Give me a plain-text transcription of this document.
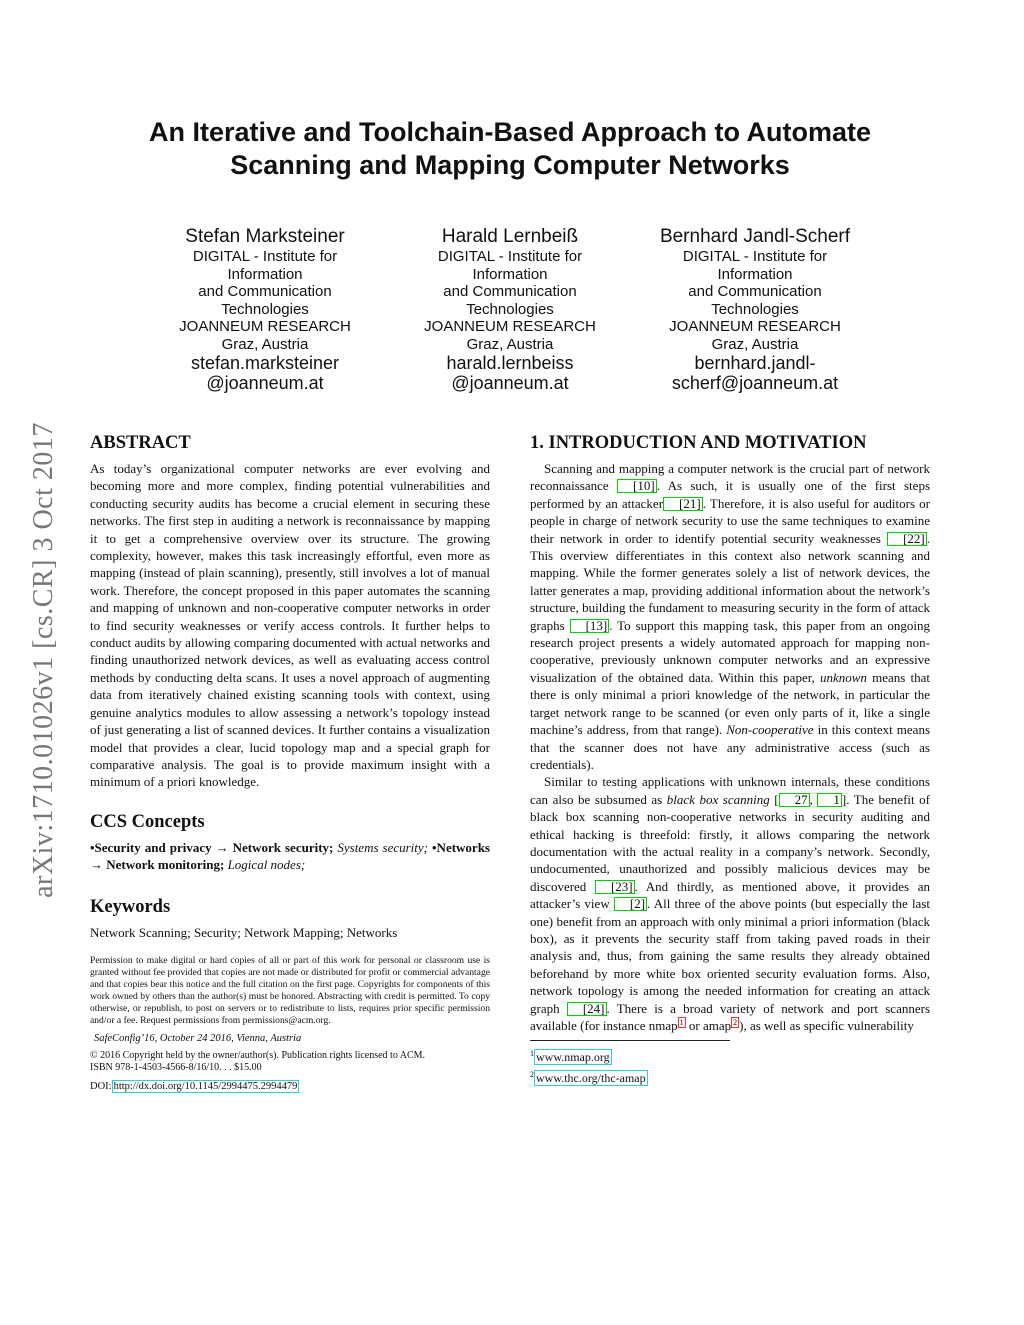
arXiv:1710.01026v1 [cs.CR] 3 Oct 2017
An Iterative and Toolchain-Based Approach to Automate
Scanning and Mapping Computer Networks
Stefan Marksteiner
DIGITAL - Institute for
Information
and Communication
Technologies
JOANNEUM RESEARCH
Graz, Austria
stefan.marksteiner
@joanneum.at
Harald Lernbeiß
DIGITAL - Institute for
Information
and Communication
Technologies
JOANNEUM RESEARCH
Graz, Austria
harald.lernbeiss
@joanneum.at
Bernhard Jandl-Scherf
DIGITAL - Institute for
Information
and Communication
Technologies
JOANNEUM RESEARCH
Graz, Austria
bernhard.jandl-
scherf@joanneum.at
ABSTRACT

As today’s organizational computer networks are ever evolving and becoming more and more complex, finding potential vulnerabilities and conducting security audits has become a crucial element in securing these networks. The first step in auditing a network is reconnaissance by mapping it to get a comprehensive overview over its structure. The growing complexity, however, makes this task increasingly effortful, even more as mapping (instead of plain scanning), presently, still involves a lot of manual work. Therefore, the concept proposed in this paper automates the scanning and mapping of unknown and non-cooperative computer networks in order to find security weaknesses or verify access controls. It further helps to conduct audits by allowing comparing documented with actual networks and finding unauthorized network devices, as well as evaluating access control methods by conducting delta scans. It uses a novel approach of augmenting data from iteratively chained existing scanning tools with context, using genuine analytics modules to allow assessing a network’s topology instead of just generating a list of scanned devices. It further contains a visualization model that provides a clear, lucid topology map and a special graph for comparative analysis. The goal is to provide maximum insight with a minimum of a priori knowledge.

CCS Concepts

•Security and privacy → Network security; Systems security; •Networks → Network monitoring; Logical nodes;

Keywords

Network Scanning; Security; Network Mapping; Networks

Permission to make digital or hard copies of all or part of this work for personal or classroom use is granted without fee provided that copies are not made or distributed for profit or commercial advantage and that copies bear this notice and the full citation on the first page. Copyrights for components of this work owned by others than the author(s) must be honored. Abstracting with credit is permitted. To copy otherwise, or republish, to post on servers or to redistribute to lists, requires prior specific permission and/or a fee. Request permissions from permissions@acm.org.

SafeConfig’16, October 24 2016, Vienna, Austria

© 2016 Copyright held by the owner/author(s). Publication rights licensed to ACM.

ISBN 978-1-4503-4566-8/16/10. . . $15.00

DOI: http://dx.doi.org/10.1145/2994475.2994479
1. INTRODUCTION AND MOTIVATION

Scanning and mapping a computer network is the crucial part of network reconnaissance [10] . As such, it is usually one of the first steps performed by an attacker [21] . Therefore, it is also useful for auditors or people in charge of network security to use the same techniques to examine their network in order to identify potential security weaknesses [22] . This overview differentiates in this context also network scanning and mapping. While the former generates solely a list of network devices, the latter generates a map, providing additional information about the network’s structure, building the fundament to measuring security in the form of attack graphs [13] . To support this mapping task, this paper from an ongoing research project presents a widely automated approach for mapping non-cooperative, previously unknown computer networks and an expressive visualization of the obtained data. Within this paper, unknown means that there is only minimal a priori knowledge of the network, in particular the target network range to be scanned (or even only parts of it, like a single machine’s address, from that range). Non-cooperative in this context means that the scanner does not have any administrative access (such as credentials).

Similar to testing applications with unknown internals, these conditions can also be subsumed as black box scanning [ 27 , 1 ]. The benefit of black box scanning non-cooperative networks in security auditing and ethical hacking is threefold: firstly, it allows comparing the network documentation with the actual reality in a company’s network. Secondly, undocumented, unauthorized and possibly malicious devices may be discovered [23] . And thirdly, as mentioned above, it provides an attacker’s view [2] . All three of the above points (but especially the last one) benefit from an approach with only minimal a priori information (black box), as it prevents the security staff from taking paved roads in their analysis and, thus, from gaining the same results they already obtained beforehand by more white box oriented security evaluation forms. Also, network topology is among the needed information for creating an attack graph [24] . There is a broad variety of network and port scanners available (for instance nmap $^1$ or amap $^2$ ), as well as specific vulnerability

$^1$ www.nmap.org
$^2$ www.thc.org/thc-amap
